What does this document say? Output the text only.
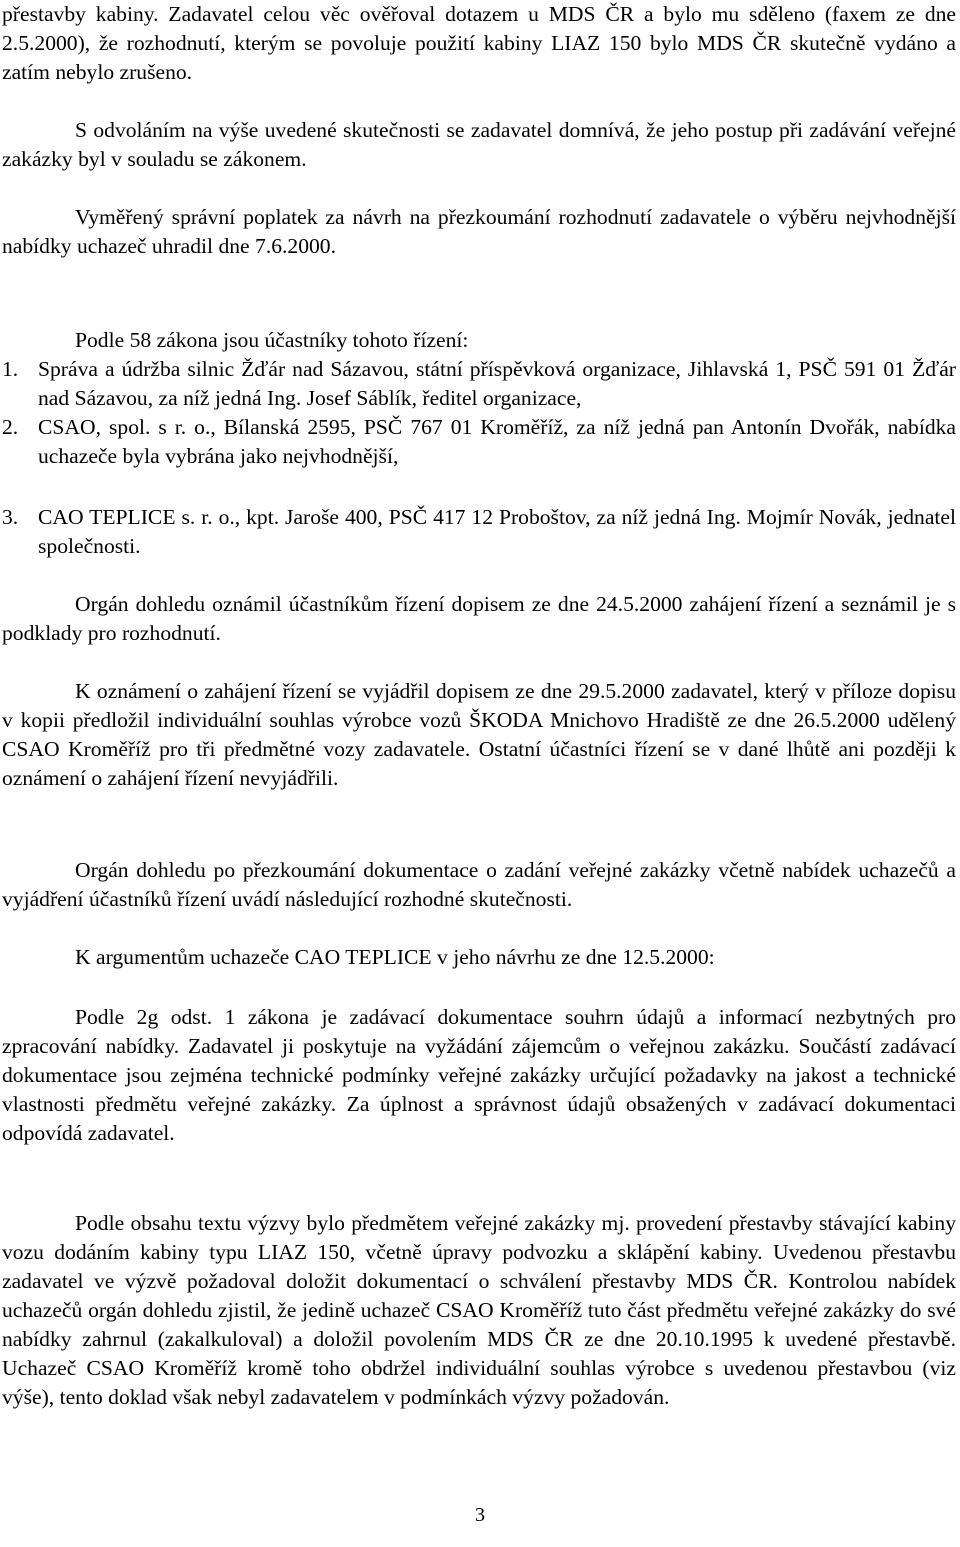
přestavby kabiny. Zadavatel celou věc ověřoval dotazem u MDS ČR a bylo mu sděleno (faxem ze dne 2.5.2000), že rozhodnutí, kterým se povoluje použití kabiny LIAZ 150 bylo MDS ČR skutečně vydáno a zatím nebylo zrušeno.
S odvoláním na výše uvedené skutečnosti se zadavatel domnívá, že jeho postup při zadávání veřejné zakázky byl v souladu se zákonem.
Vyměřený správní poplatek za návrh na přezkoumání rozhodnutí zadavatele o výběru nejvhodnější nabídky uchazeč uhradil dne 7.6.2000.
Podle 58 zákona jsou účastníky tohoto řízení:
1. Správa a údržba silnic Žďár nad Sázavou, státní příspěvková organizace, Jihlavská 1, PSČ 591 01 Žďár nad Sázavou, za níž jedná Ing. Josef Sáblík, ředitel organizace,
2. CSAO, spol. s r. o., Bílanská 2595, PSČ 767 01 Kroměříž, za níž jedná pan Antonín Dvořák, nabídka uchazeče byla vybrána jako nejvhodnější,
3. CAO TEPLICE s. r. o., kpt. Jaroše 400, PSČ 417 12 Proboštov, za níž jedná Ing. Mojmír Novák, jednatel společnosti.
Orgán dohledu oznámil účastníkům řízení dopisem ze dne 24.5.2000 zahájení řízení a seznámil je s podklady pro rozhodnutí.
K oznámení o zahájení řízení se vyjádřil dopisem ze dne 29.5.2000 zadavatel, který v příloze dopisu v kopii předložil individuální souhlas výrobce vozů ŠKODA Mnichovo Hradiště ze dne 26.5.2000 udělený CSAO Kroměříž pro tři předmětné vozy zadavatele. Ostatní účastníci řízení se v dané lhůtě ani později k oznámení o zahájení řízení nevyjádřili.
Orgán dohledu po přezkoumání dokumentace o zadání veřejné zakázky včetně nabídek uchazečů a vyjádření účastníků řízení uvádí následující rozhodné skutečnosti.
K argumentům uchazeče CAO TEPLICE v jeho návrhu ze dne 12.5.2000:
Podle 2g odst. 1 zákona je zadávací dokumentace souhrn údajů a informací nezbytných pro zpracování nabídky. Zadavatel ji poskytuje na vyžádání zájemcům o veřejnou zakázku. Součástí zadávací dokumentace jsou zejména technické podmínky veřejné zakázky určující požadavky na jakost a technické vlastnosti předmětu veřejné zakázky. Za úplnost a správnost údajů obsažených v zadávací dokumentaci odpovídá zadavatel.
Podle obsahu textu výzvy bylo předmětem veřejné zakázky mj. provedení přestavby stávající kabiny vozu dodáním kabiny typu LIAZ 150, včetně úpravy podvozku a sklápění kabiny. Uvedenou přestavbu zadavatel ve výzvě požadoval doložit dokumentací o schválení přestavby MDS ČR. Kontrolou nabídek uchazečů orgán dohledu zjistil, že jedině uchazeč CSAO Kroměříž tuto část předmětu veřejné zakázky do své nabídky zahrnul (zakalkuloval) a doložil povolením MDS ČR ze dne 20.10.1995 k uvedené přestavbě. Uchazeč CSAO Kroměříž kromě toho obdržel individuální souhlas výrobce s uvedenou přestavbou (viz výše), tento doklad však nebyl zadavatelem v podmínkách výzvy požadován.
3
